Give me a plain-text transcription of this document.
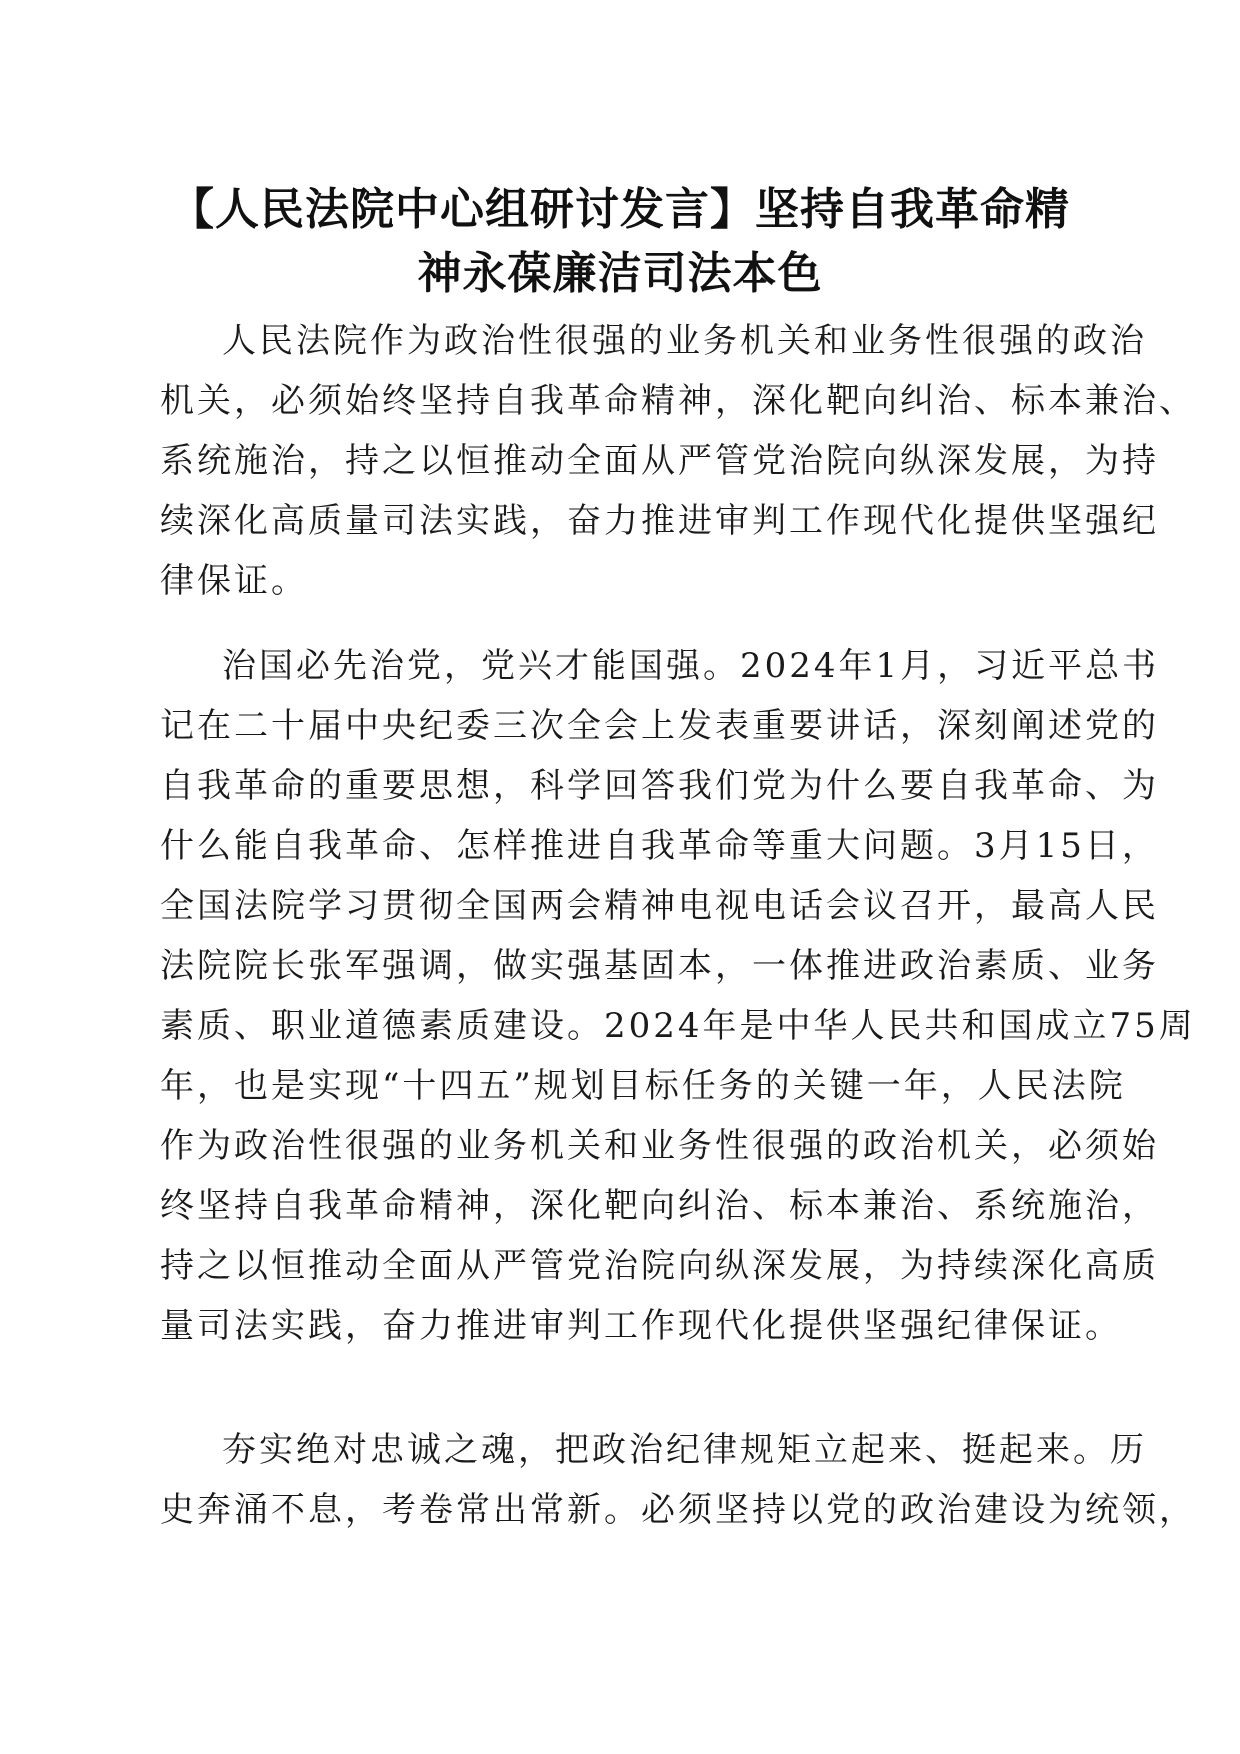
【人民法院中心组研讨发言】坚持自我革命精
神永葆廉洁司法本色
人民法院作为政治性很强的业务机关和业务性很强的政治
机关，必须始终坚持自我革命精神，深化靶向纠治、标本兼治、
系统施治，持之以恒推动全面从严管党治院向纵深发展，为持
续深化高质量司法实践，奋力推进审判工作现代化提供坚强纪
律保证。
治国必先治党，党兴才能国强。2024年1月，习近平总书
记在二十届中央纪委三次全会上发表重要讲话，深刻阐述党的
自我革命的重要思想，科学回答我们党为什么要自我革命、为
什么能自我革命、怎样推进自我革命等重大问题。3月15日，
全国法院学习贯彻全国两会精神电视电话会议召开，最高人民
法院院长张军强调，做实强基固本，一体推进政治素质、业务
素质、职业道德素质建设。2024年是中华人民共和国成立75周
年，也是实现“十四五”规划目标任务的关键一年，人民法院
作为政治性很强的业务机关和业务性很强的政治机关，必须始
终坚持自我革命精神，深化靶向纠治、标本兼治、系统施治，
持之以恒推动全面从严管党治院向纵深发展，为持续深化高质
量司法实践，奋力推进审判工作现代化提供坚强纪律保证。
夯实绝对忠诚之魂，把政治纪律规矩立起来、挺起来。历
史奔涌不息，考卷常出常新。必须坚持以党的政治建设为统领，
